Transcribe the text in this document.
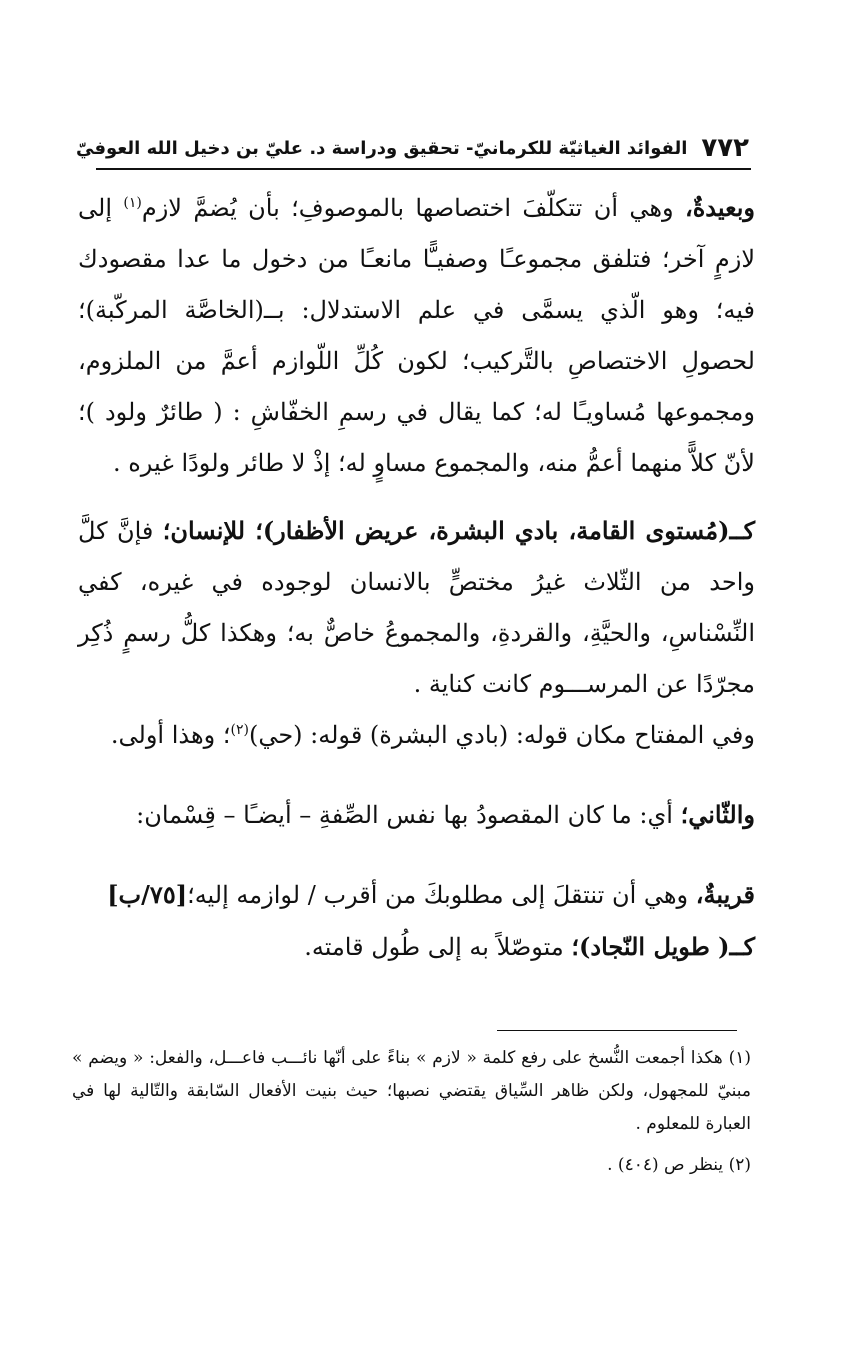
٧٧٢
الفوائد الغياثيّة للكرمانيّ- تحقيق ودراسة د. عليّ بن دخيل الله العوفيّ

وبعيدةٌ، وهي أن تتكلّفَ اختصاصها بالموصوفِ؛ بأن يُضمَّ لازم$^{(١)}$ إلى لازمٍ آخر؛ فتلفق مجموعـًا وصفيـًّا مانعـًا من دخول ما عدا مقصودك فيه؛ وهو الّذي يسمَّى في علم الاستدلال: بــ(الخاصَّة المركّبة)؛ لحصولِ الاختصاصِ بالتَّركيب؛ لكون كُلِّ اللّوازم أعمَّ من الملزوم، ومجموعها مُساويـًا له؛ كما يقال في رسمِ الخفّاشِ : ( طائرٌ ولود )؛ لأنّ كلاًّ منهما أعمُّ منه، والمجموع مساوٍ له؛ إذْ لا طائر ولودًا غيره .

كــ(مُستوى القامة، بادي البشرة، عريض الأظفار)؛ للإنسان؛ فإنَّ كلَّ واحد من الثّلاث غيرُ مختصٍّ بالانسان لوجوده في غيره، كفي النِّسْناسِ، والحيَّةِ، والقردةِ، والمجموعُ خاصٌّ به؛ وهكذا كلُّ رسمٍ ذُكِر مجرّدًا عن المرســـوم كانت كناية .

وفي المفتاح مكان قوله: (بادي البشرة) قوله: (حي)$^{(٢)}$؛ وهذا أولى.

والثّاني؛ أي: ما كان المقصودُ بها نفس الصِّفةِ – أيضـًا – قِسْمان:

قريبةٌ، وهي أن تنتقلَ إلى مطلوبكَ من أقرب / لوازمه إليه؛[٧٥/ب]

كــ( طويل النّجاد)؛ متوصّلاً به إلى طُول قامته.

(١) هكذا أجمعت النُّسخ على رفع كلمة « لازم » بناءً على أنّها نائـــب فاعـــل، والفعل: « ويضم » مبنيّ للمجهول، ولكن ظاهر السِّياق يقتضي نصبها؛ حيث بنيت الأفعال السّابقة والتّالية لها في العبارة للمعلوم .

(٢) ينظر ص (٤٠٤) .
